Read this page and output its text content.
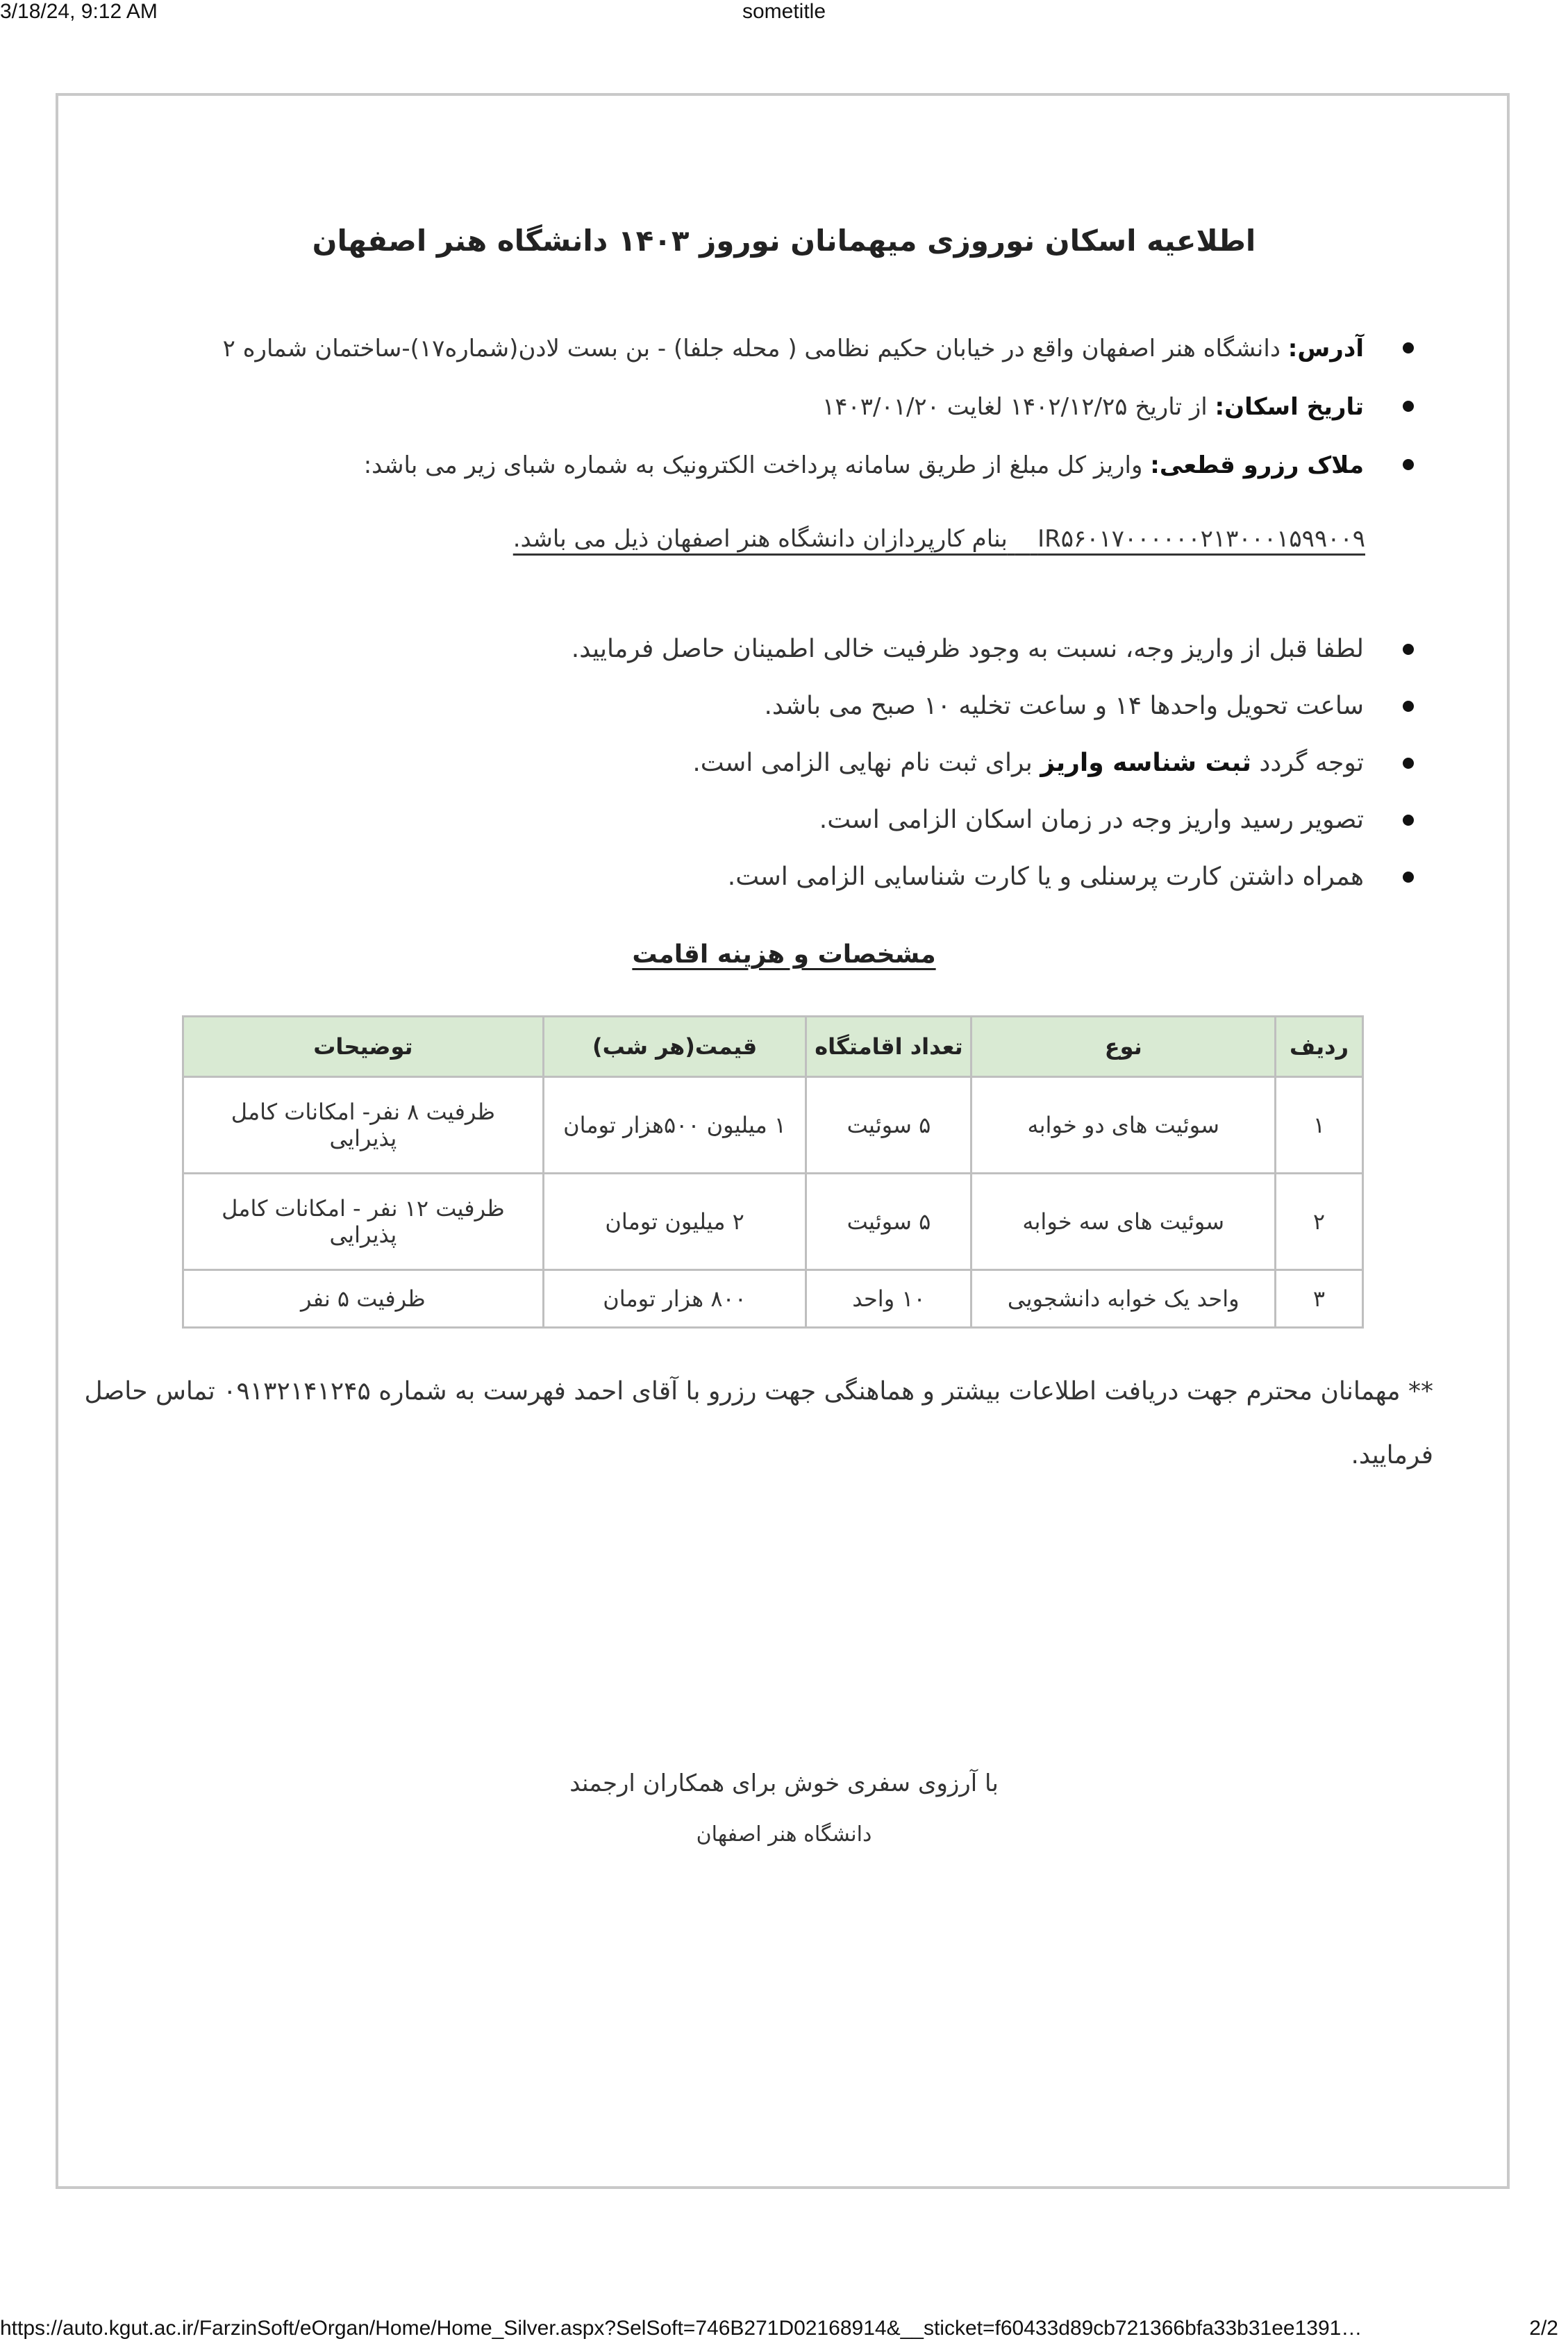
3/18/24, 9:12 AM	sometitle
اطلاعیه اسکان نوروزی میهمانان نوروز ۱۴۰۳ دانشگاه هنر اصفهان
آدرس: دانشگاه هنر اصفهان واقع در خیابان حکیم نظامی ( محله جلفا) - بن بست لادن(شماره۱۷)-ساختمان شماره ۲
تاریخ اسکان: از تاریخ ۱۴۰۲/۱۲/۲۵ لغایت ۱۴۰۳/۰۱/۲۰
ملاک رزرو قطعی: واریز کل مبلغ از طریق سامانه پرداخت الکترونیک به شماره شبای زیر می باشد:
IR۵۶۰۱۷۰۰۰۰۰۰۲۱۳۰۰۰۱۵۹۹۰۰۹    بنام کارپردازان دانشگاه هنر اصفهان ذیل می باشد.
لطفا قبل از واریز وجه، نسبت به وجود ظرفیت خالی اطمینان حاصل فرمایید.
ساعت تحویل واحدها ۱۴ و ساعت تخلیه ۱۰ صبح می باشد.
توجه گردد ثبت شناسه واریز برای ثبت نام نهایی الزامی است.
تصویر رسید واریز وجه در زمان اسکان الزامی است.
همراه داشتن کارت پرسنلی و یا کارت شناسایی الزامی است.
مشخصات و هزینه اقامت
ردیف	نوع	تعداد اقامتگاه	قیمت(هر شب)	توضیحات
۱	سوئیت های دو خوابه	۵ سوئیت	۱ میلیون ۵۰۰هزار تومان	ظرفیت ۸ نفر- امکانات کامل پذیرایی
۲	سوئیت های سه خوابه	۵ سوئیت	۲ میلیون تومان	ظرفیت ۱۲ نفر - امکانات کامل پذیرایی
۳	واحد یک خوابه دانشجویی	۱۰ واحد	۸۰۰ هزار تومان	ظرفیت ۵ نفر
** مهمانان محترم جهت دریافت اطلاعات بیشتر و هماهنگی جهت رزرو با آقای احمد فهرست به شماره ۰۹۱۳۲۱۴۱۲۴۵ تماس حاصل فرمایید.
با آرزوی سفری خوش برای همکاران ارجمند
دانشگاه هنر اصفهان
https://auto.kgut.ac.ir/FarzinSoft/eOrgan/Home/Home_Silver.aspx?SelSoft=746B271D02168914&__sticket=f60433d89cb721366bfa33b31ee1391…	2/2
